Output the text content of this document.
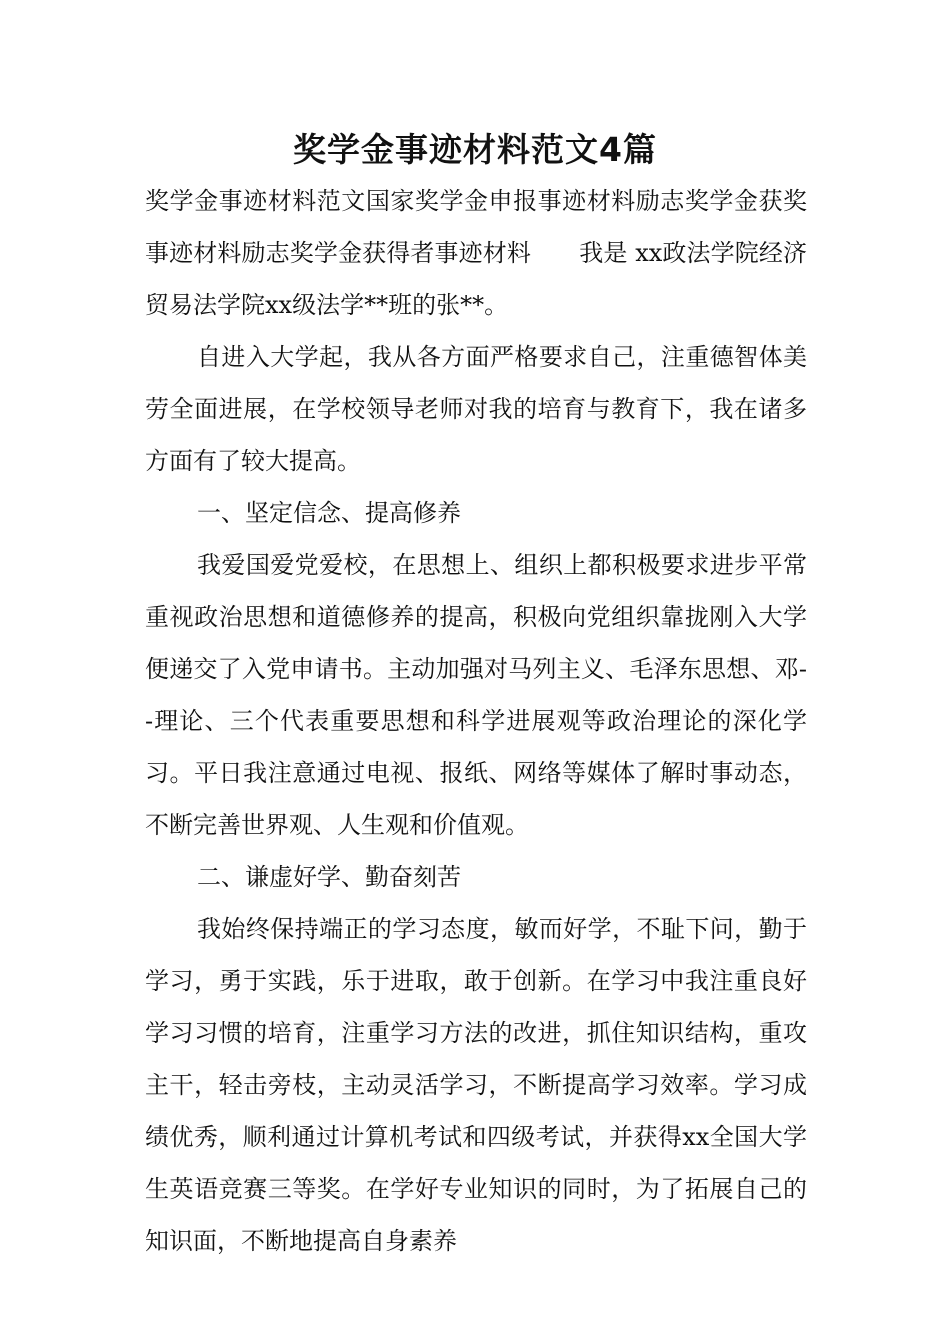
奖学金事迹材料范文4篇

奖学金事迹材料范文国家奖学金申报事迹材料励志奖学金获奖事迹材料励志奖学金获得者事迹材料　　我是 xx政法学院经济贸易法学院xx级法学**班的张**。

自进入大学起，我从各方面严格要求自己，注重德智体美劳全面进展，在学校领导老师对我的培育与教育下，我在诸多方面有了较大提高。

一、坚定信念、提高修养

我爱国爱党爱校，在思想上、组织上都积极要求进步平常重视政治思想和道德修养的提高，积极向党组织靠拢刚入大学便递交了入党申请书。主动加强对马列主义、毛泽东思想、邓--理论、三个代表重要思想和科学进展观等政治理论的深化学习。平日我注意通过电视、报纸、网络等媒体了解时事动态，不断完善世界观、人生观和价值观。

二、谦虚好学、勤奋刻苦

我始终保持端正的学习态度，敏而好学，不耻下问，勤于学习，勇于实践，乐于进取，敢于创新。在学习中我注重良好学习习惯的培育，注重学习方法的改进，抓住知识结构，重攻主干，轻击旁枝，主动灵活学习，不断提高学习效率。学习成绩优秀，顺利通过计算机考试和四级考试，并获得xx全国大学生英语竞赛三等奖。在学好专业知识的同时，为了拓展自己的知识面，不断地提高自身素养
